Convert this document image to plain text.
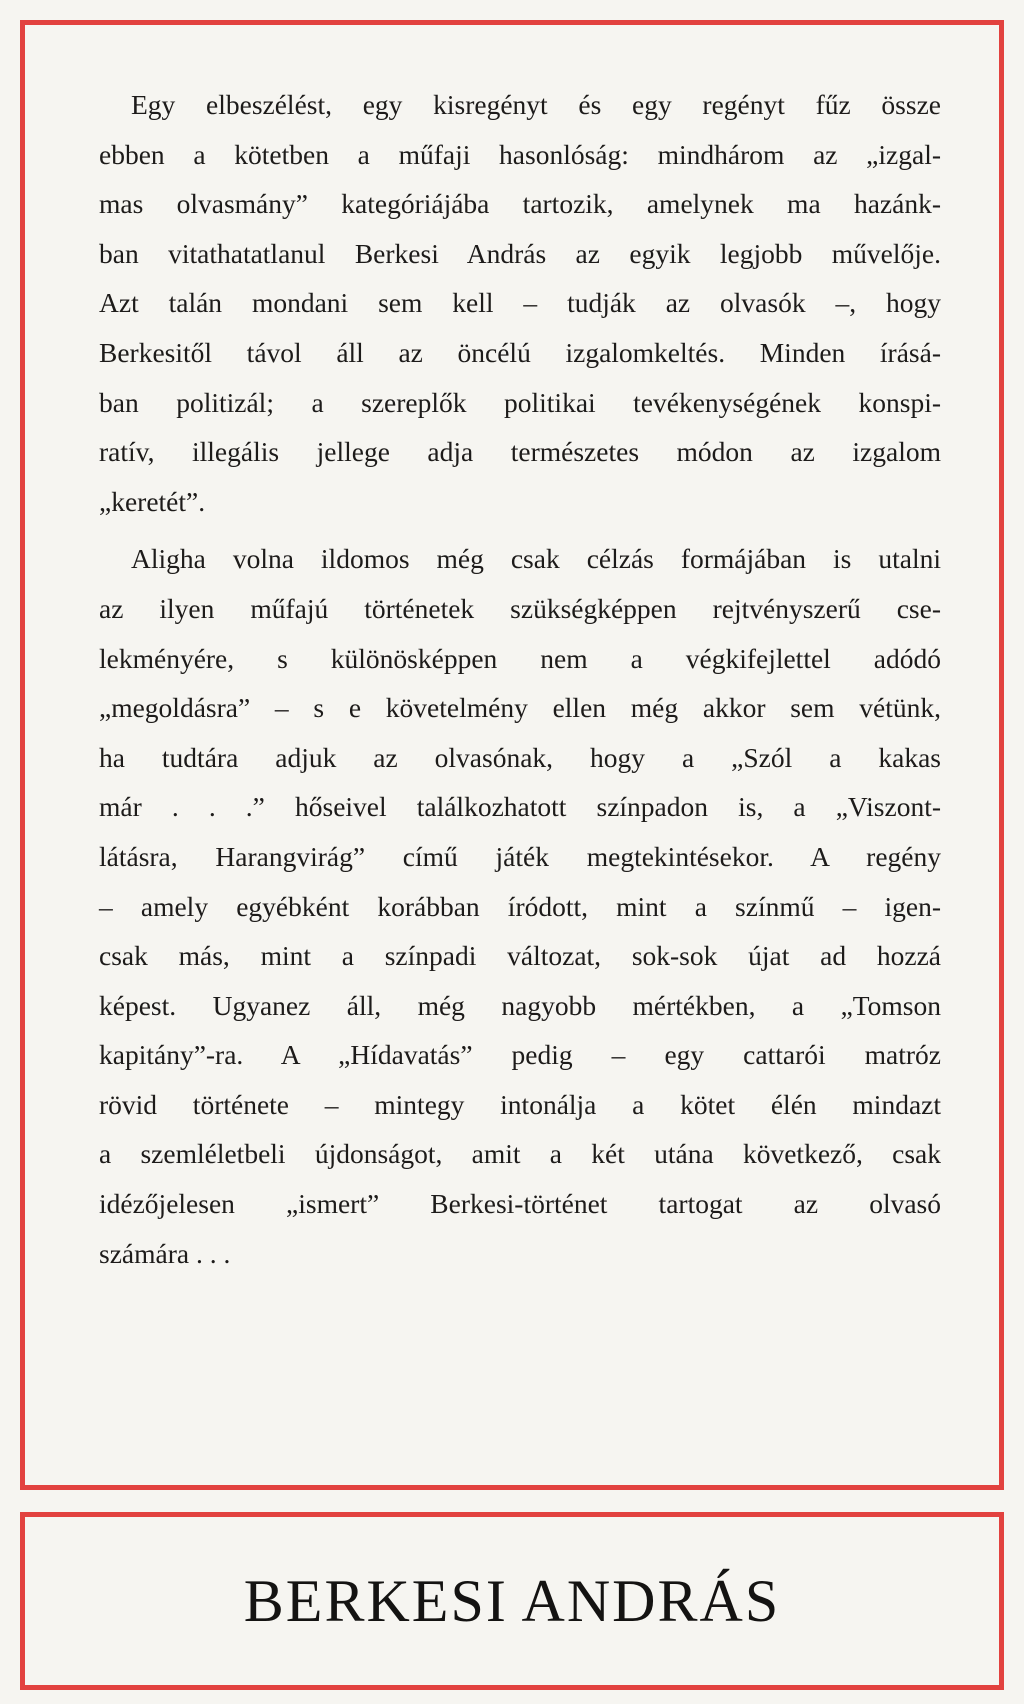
Egy elbeszélést, egy kisregényt és egy regényt fűz össze
ebben a kötetben a műfaji hasonlóság: mindhárom az „izgal-
mas olvasmány” kategóriájába tartozik, amelynek ma hazánk-
ban vitathatatlanul Berkesi András az egyik legjobb művelője.
Azt talán mondani sem kell – tudják az olvasók –, hogy
Berkesitől távol áll az öncélú izgalomkeltés. Minden írásá-
ban politizál; a szereplők politikai tevékenységének konspi-
ratív, illegális jellege adja természetes módon az izgalom
„keretét”.

Aligha volna ildomos még csak célzás formájában is utalni
az ilyen műfajú történetek szükségképpen rejtvényszerű cse-
lekményére, s különösképpen nem a végkifejlettel adódó
„megoldásra” – s e követelmény ellen még akkor sem vétünk,
ha tudtára adjuk az olvasónak, hogy a „Szól a kakas
már . . .” hőseivel találkozhatott színpadon is, a „Viszont-
látásra, Harangvirág” című játék megtekintésekor. A regény
– amely egyébként korábban íródott, mint a színmű – igen-
csak más, mint a színpadi változat, sok-sok újat ad hozzá
képest. Ugyanez áll, még nagyobb mértékben, a „Tomson
kapitány”-ra. A „Hídavatás” pedig – egy cattarói matróz
rövid története – mintegy intonálja a kötet élén mindazt
a szemléletbeli újdonságot, amit a két utána következő, csak
idézőjelesen „ismert” Berkesi-történet tartogat az olvasó
számára . . .

BERKESI ANDRÁS
